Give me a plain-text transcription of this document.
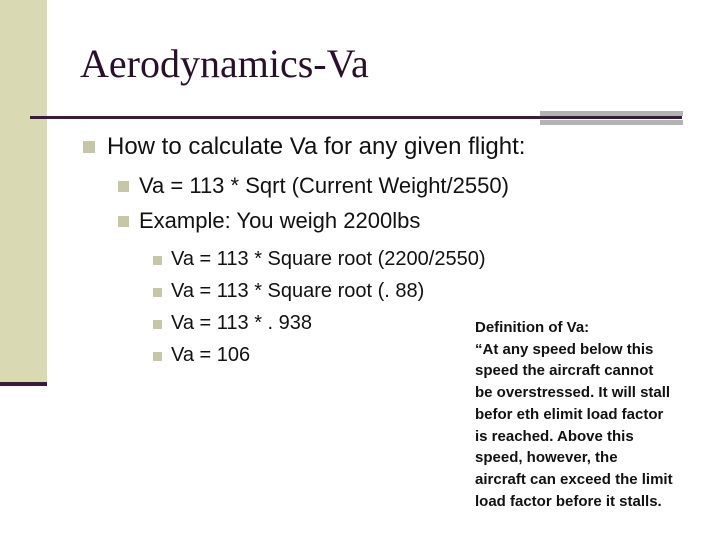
Aerodynamics-Va
How to calculate Va for any given flight:
Va = 113 * Sqrt (Current Weight/2550)
Example: You weigh 2200lbs
Va = 113 * Square root (2200/2550)
Va = 113 * Square root (. 88)
Va = 113 * . 938
Va = 106
Definition of Va:
“At any speed below this
speed the aircraft cannot
be overstressed. It will stall
befor eth elimit load factor
is reached. Above this
speed, however, the
aircraft can exceed the limit
load factor before it stalls.
